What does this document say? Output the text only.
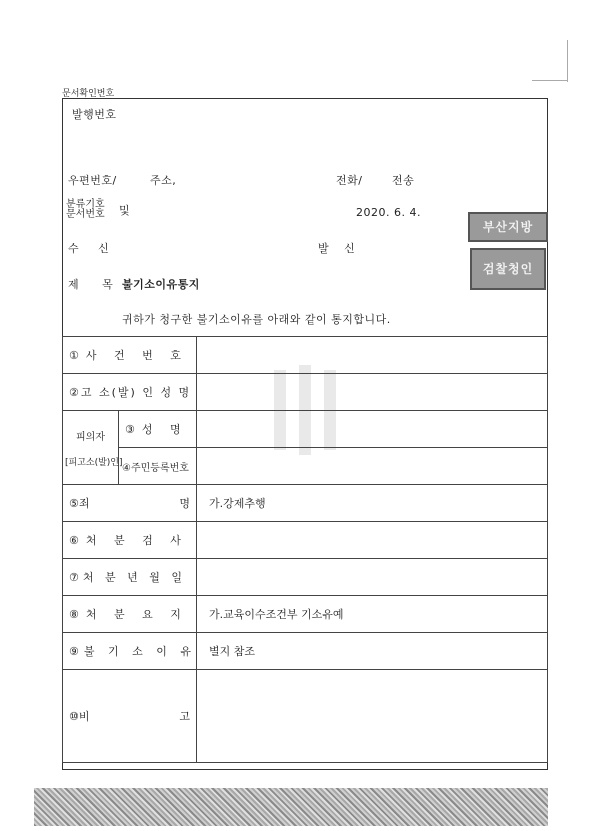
문서확인번호
발행번호
우편번호/	주소,	전화/	전송
분류기호
문서번호 및	2020. 6. 4.
수 신	발 신
제 목 불기소이유통지
귀하가 청구한 불기소이유를 아래와 같이 통지합니다.
부산지방
검찰청인
①사 건 번 호		
②고 소(발) 인 성 명		

피의자
[피고소(발)인]	③성 명	
	④주민등록번호	
⑤죄 명		가.강제추행
⑥처 분 검 사		
⑦처 분 년 월 일		
⑧처 분 요 지		가.교육이수조건부 기소유예
⑨불 기 소 이 유		별지 참조
⑩비 고		
